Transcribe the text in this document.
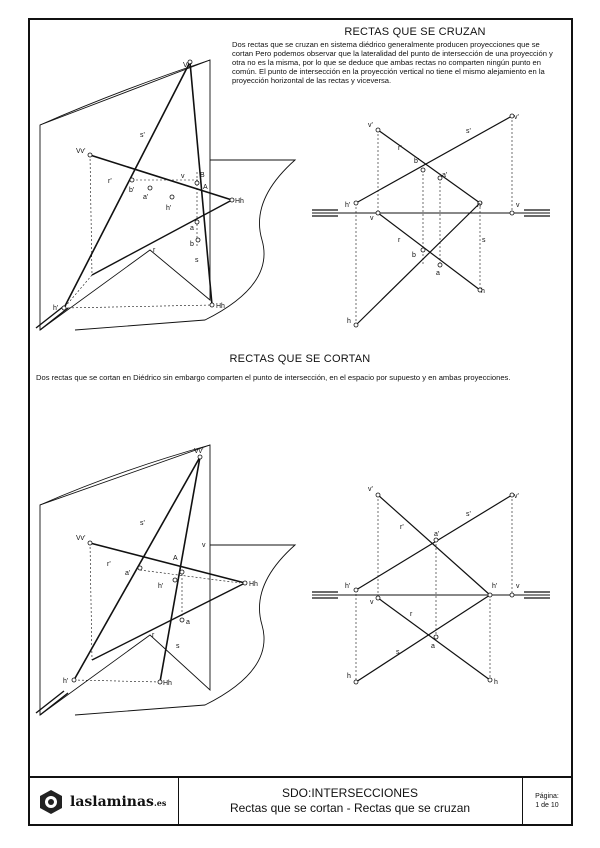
RECTAS QUE SE CRUZAN
Dos rectas que se cruzan en sistema diédrico generalmente producen proyecciones que se cortan Pero podemos observar que la lateralidad del punto de intersección de una proyección y otra no es la misma, por lo que se deduce que ambas rectas no comparten ningún punto en común. El punto de intersección en la proyección vertical no tiene el mismo alejamiento en la proyección horizontal de las rectas y viceversa.
RECTAS QUE SE CORTAN
Dos rectas que se cortan en Diédrico sin embargo comparten el punto de intersección, en el espacio por supuesto y en ambas proyecciones.
Vv'
Vv'
Hh
Hh
h'
s'
r'
b'
a'
v B
A
h'
a
b
s
r
v'
v'
r'
s'
b'
a'
h'
v
h'	v
r	s
b
a
h
h
Vv'
Vv'
Hh
Hh
h'
s'
r'
a'
A
v
h'
a
s
r
v'
v'
r'
s'
a'
h'
v
h'	v
r
s
a
h
h
laslaminas.es
SDO:INTERSECCIONES
Rectas que se cortan - Rectas que se cruzan
Página:
1 de 10
